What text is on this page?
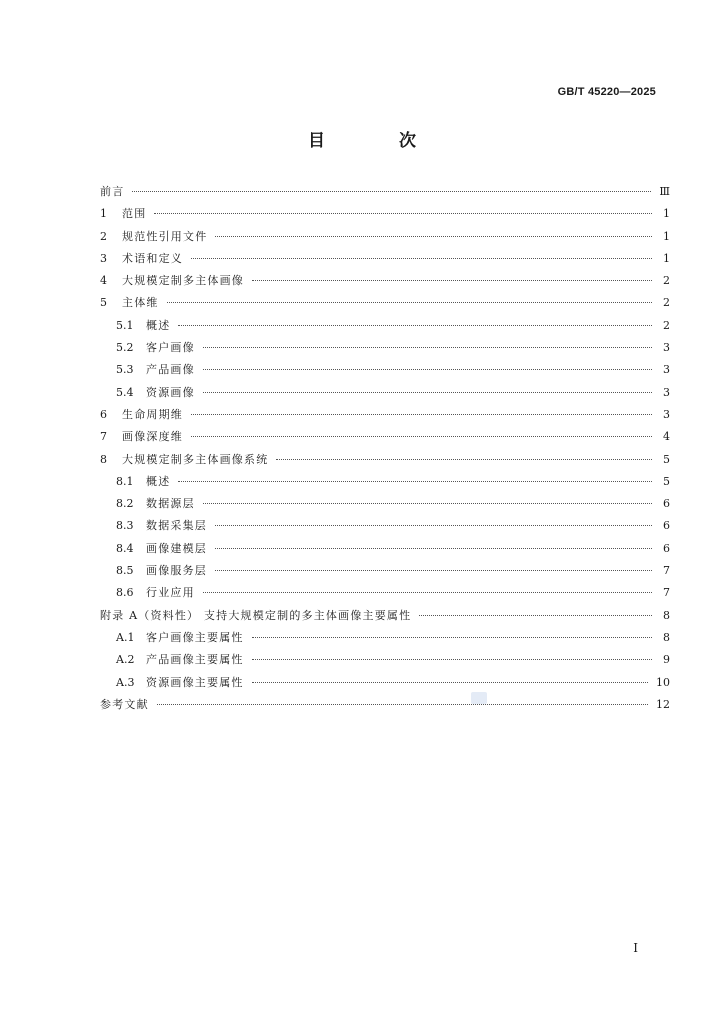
GB/T 45220—2025
目 次
前言	Ⅲ
1	范围	1
2	规范性引用文件	1
3	术语和定义	1
4	大规模定制多主体画像	2
5	主体维	2
5.1	概述	2
5.2	客户画像	3
5.3	产品画像	3
5.4	资源画像	3
6	生命周期维	3
7	画像深度维	4
8	大规模定制多主体画像系统	5
8.1	概述	5
8.2	数据源层	6
8.3	数据采集层	6
8.4	画像建模层	6
8.5	画像服务层	7
8.6	行业应用	7
附录 A（资料性） 支持大规模定制的多主体画像主要属性	8
A.1	客户画像主要属性	8
A.2	产品画像主要属性	9
A.3	资源画像主要属性	10
参考文献	12
Ⅰ
